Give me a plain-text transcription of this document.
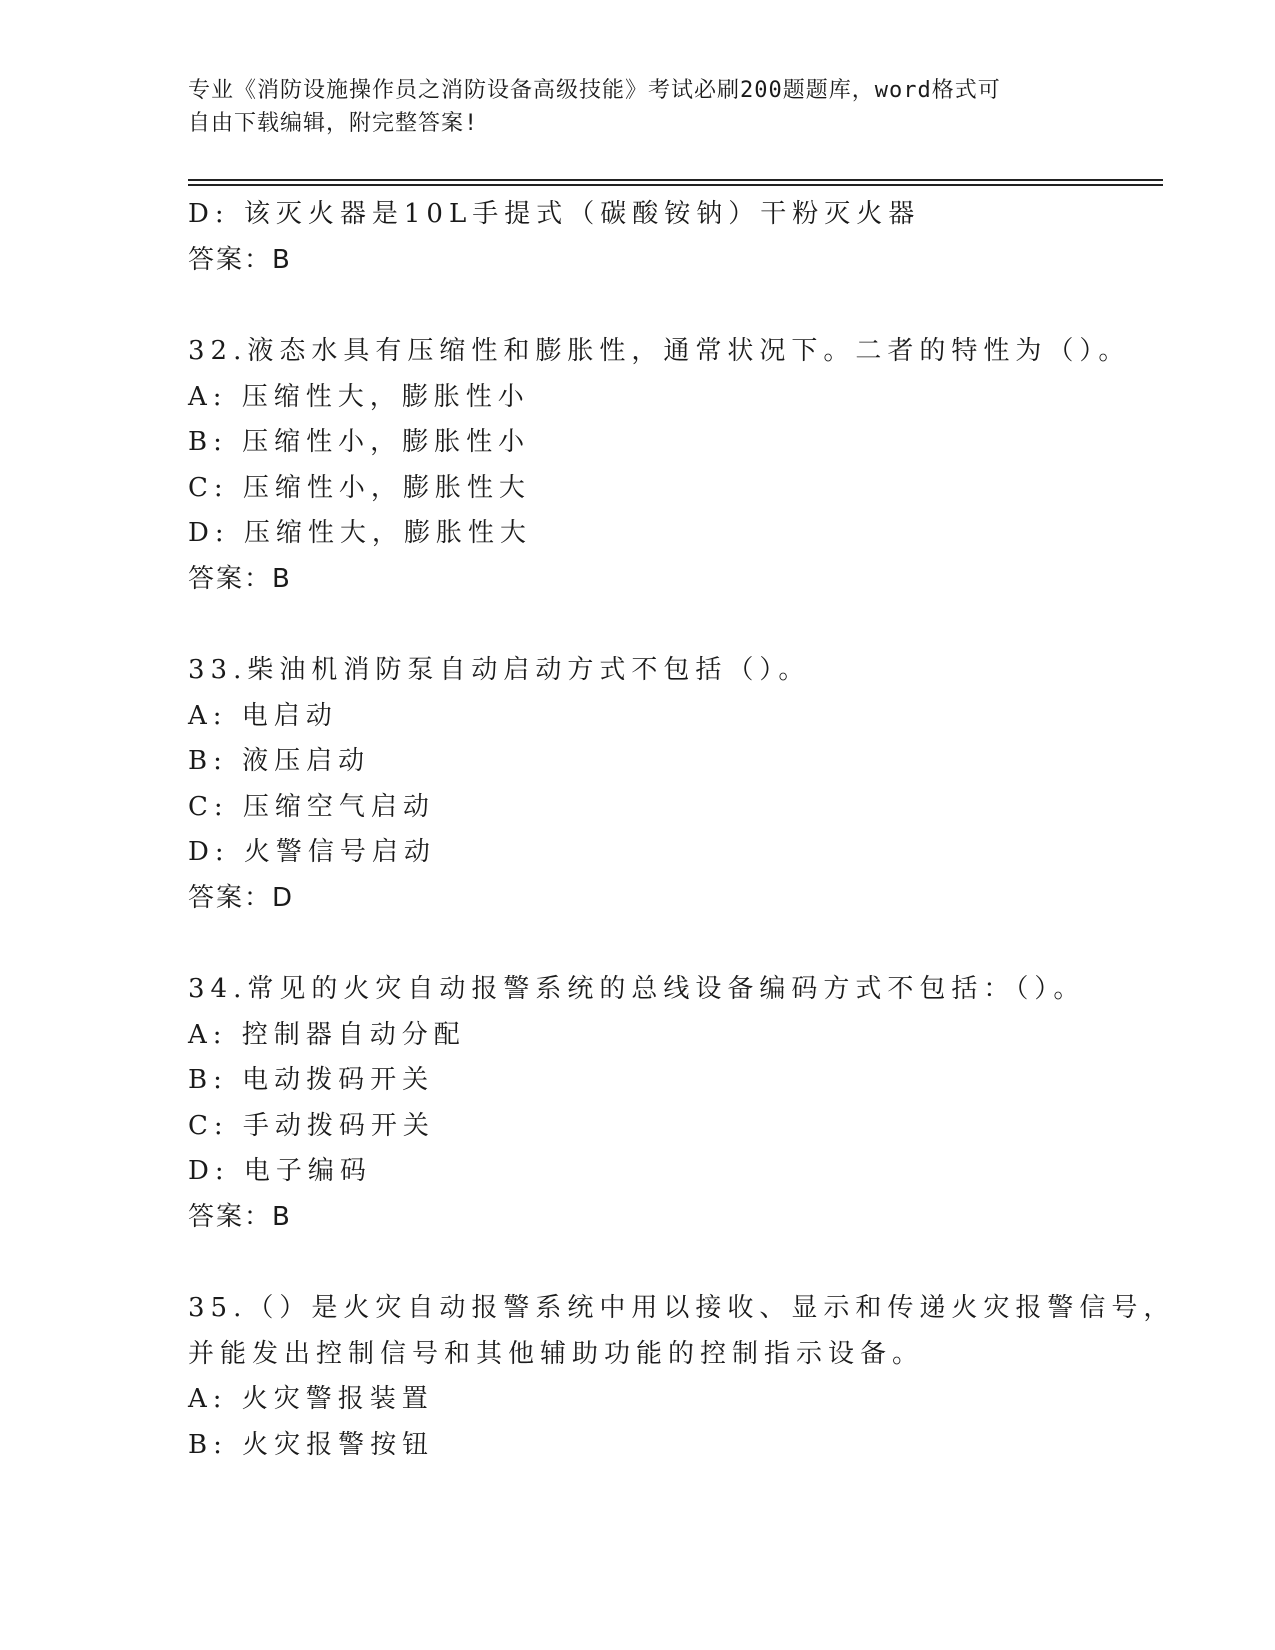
专业《消防设施操作员之消防设备高级技能》考试必刷200题题库，word格式可
自由下载编辑，附完整答案!
D: 该灭火器是10L手提式（碳酸铵钠）干粉灭火器
答案：B
32.液态水具有压缩性和膨胀性，通常状况下。二者的特性为（）。
A: 压缩性大，膨胀性小
B: 压缩性小，膨胀性小
C: 压缩性小，膨胀性大
D: 压缩性大，膨胀性大
答案：B
33.柴油机消防泵自动启动方式不包括（）。
A: 电启动
B: 液压启动
C: 压缩空气启动
D: 火警信号启动
答案：D
34.常见的火灾自动报警系统的总线设备编码方式不包括：（）。
A: 控制器自动分配
B: 电动拨码开关
C: 手动拨码开关
D: 电子编码
答案：B
35.（）是火灾自动报警系统中用以接收、显示和传递火灾报警信号，
并能发出控制信号和其他辅助功能的控制指示设备。
A: 火灾警报装置
B: 火灾报警按钮
